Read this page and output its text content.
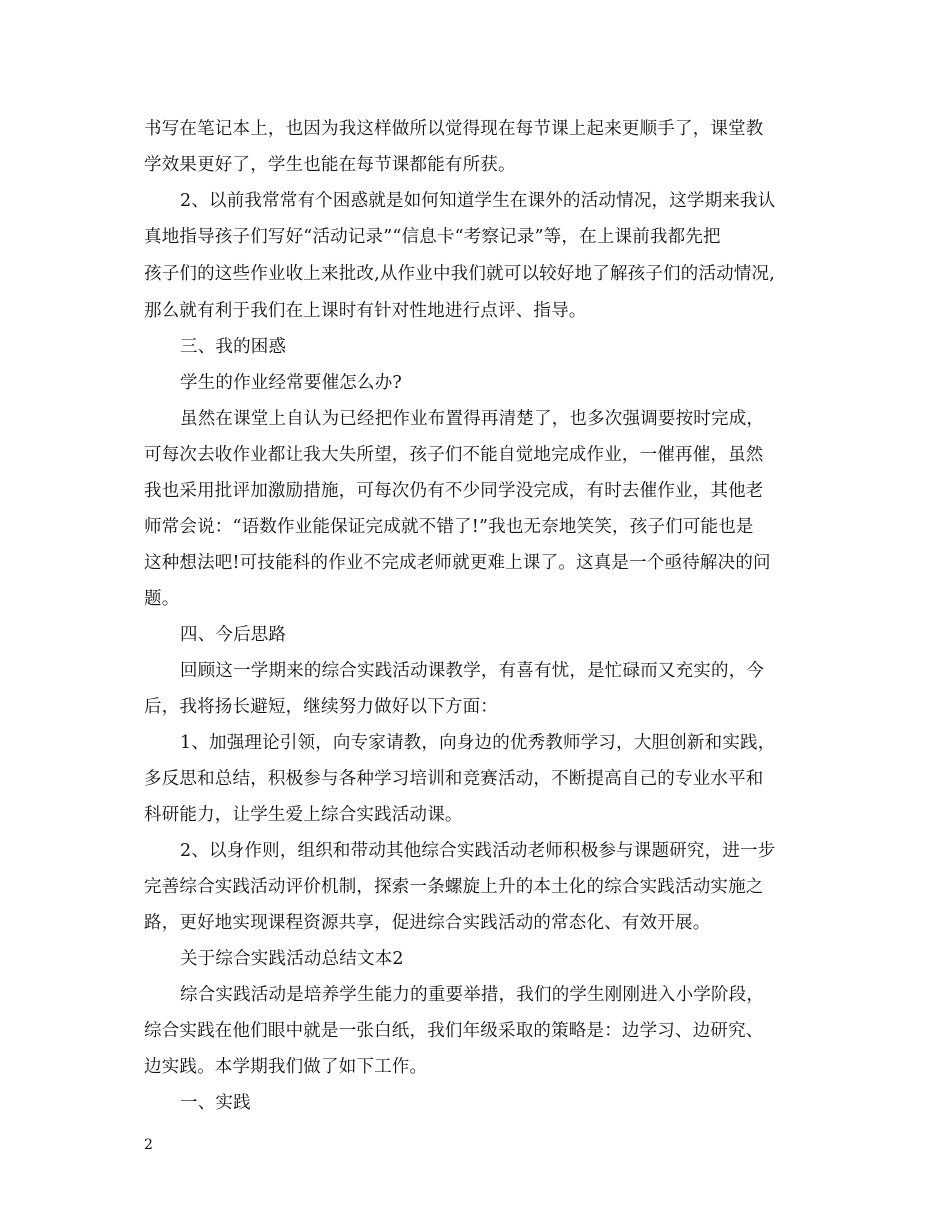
书写在笔记本上，也因为我这样做所以觉得现在每节课上起来更顺手了，课堂教
学效果更好了，学生也能在每节课都能有所获。
2、以前我常常有个困惑就是如何知道学生在课外的活动情况，这学期来我认
真地指导孩子们写好“活动记录”“信息卡“考察记录”等，在上课前我都先把
孩子们的这些作业收上来批改,从作业中我们就可以较好地了解孩子们的活动情况,
那么就有利于我们在上课时有针对性地进行点评、指导。
三、我的困惑
学生的作业经常要催怎么办?
虽然在课堂上自认为已经把作业布置得再清楚了，也多次强调要按时完成，
可每次去收作业都让我大失所望，孩子们不能自觉地完成作业，一催再催，虽然
我也采用批评加激励措施，可每次仍有不少同学没完成，有时去催作业，其他老
师常会说：“语数作业能保证完成就不错了!”我也无奈地笑笑，孩子们可能也是
这种想法吧!可技能科的作业不完成老师就更难上课了。这真是一个亟待解决的问
题。
四、今后思路
回顾这一学期来的综合实践活动课教学，有喜有忧，是忙碌而又充实的，今
后，我将扬长避短，继续努力做好以下方面：
1、加强理论引领，向专家请教，向身边的优秀教师学习，大胆创新和实践，
多反思和总结，积极参与各种学习培训和竞赛活动，不断提高自己的专业水平和
科研能力，让学生爱上综合实践活动课。
2、以身作则，组织和带动其他综合实践活动老师积极参与课题研究，进一步
完善综合实践活动评价机制，探索一条螺旋上升的本土化的综合实践活动实施之
路，更好地实现课程资源共享，促进综合实践活动的常态化、有效开展。
关于综合实践活动总结文本2
综合实践活动是培养学生能力的重要举措，我们的学生刚刚进入小学阶段，
综合实践在他们眼中就是一张白纸，我们年级采取的策略是：边学习、边研究、
边实践。本学期我们做了如下工作。
一、实践
2
